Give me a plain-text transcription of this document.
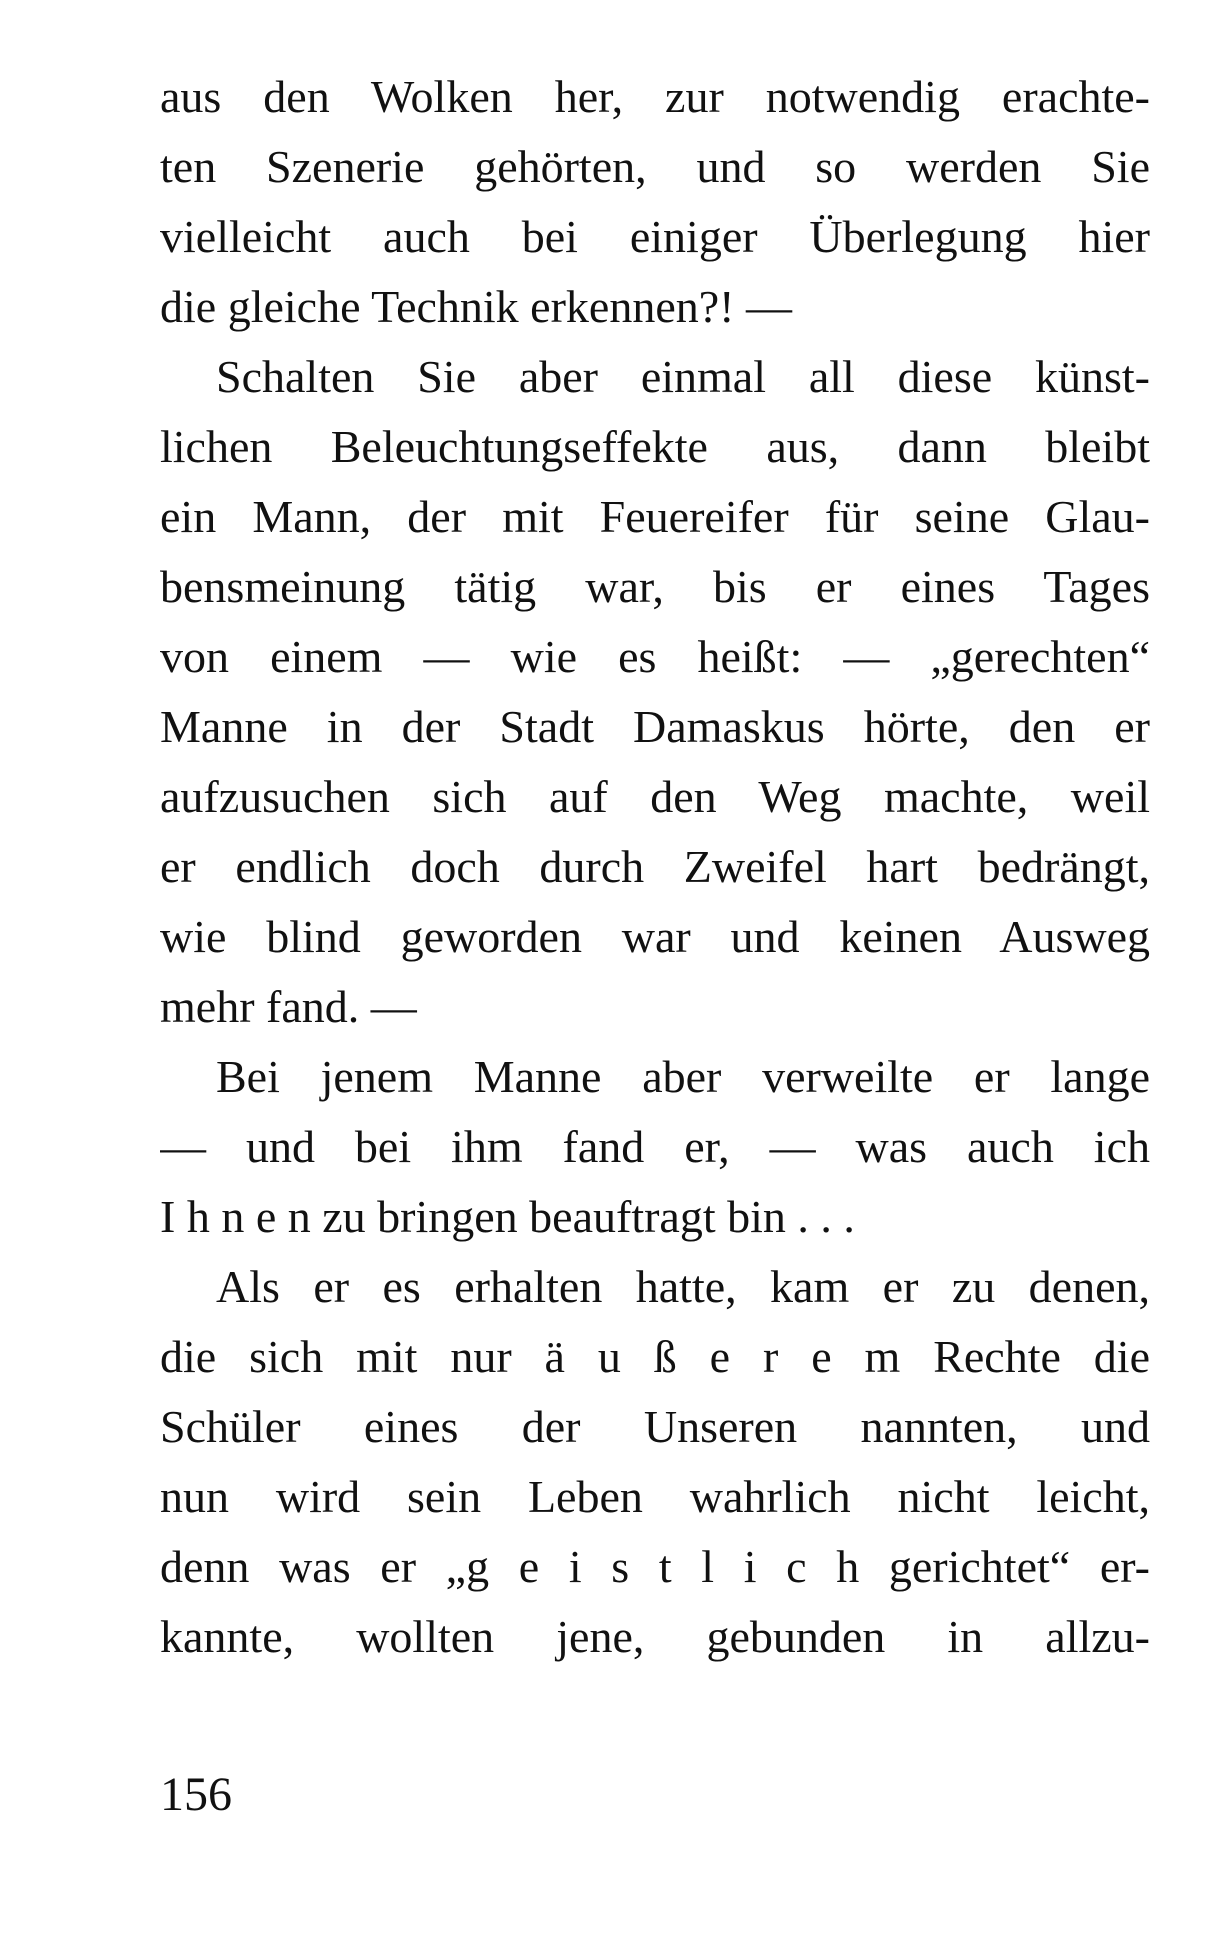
aus den Wolken her, zur notwendig erachte-
ten Szenerie gehörten, und so werden Sie
vielleicht auch bei einiger Überlegung hier
die gleiche Technik erkennen?! —
Schalten Sie aber einmal all diese künst-
lichen Beleuchtungseffekte aus, dann bleibt
ein Mann, der mit Feuereifer für seine Glau-
bensmeinung tätig war, bis er eines Tages
von einem — wie es heißt: — „gerechten“
Manne in der Stadt Damaskus hörte, den er
aufzusuchen sich auf den Weg machte, weil
er endlich doch durch Zweifel hart bedrängt,
wie blind geworden war und keinen Ausweg
mehr fand. —
Bei jenem Manne aber verweilte er lange
— und bei ihm fand er, — was auch ich
I h n e n zu bringen beauftragt bin . . .
Als er es erhalten hatte, kam er zu denen,
die sich mit nur ä u ß e r e m Rechte die
Schüler eines der Unseren nannten, und
nun wird sein Leben wahrlich nicht leicht,
denn was er „g e i s t l i c h gerichtet“ er-
kannte, wollten jene, gebunden in allzu-
156
